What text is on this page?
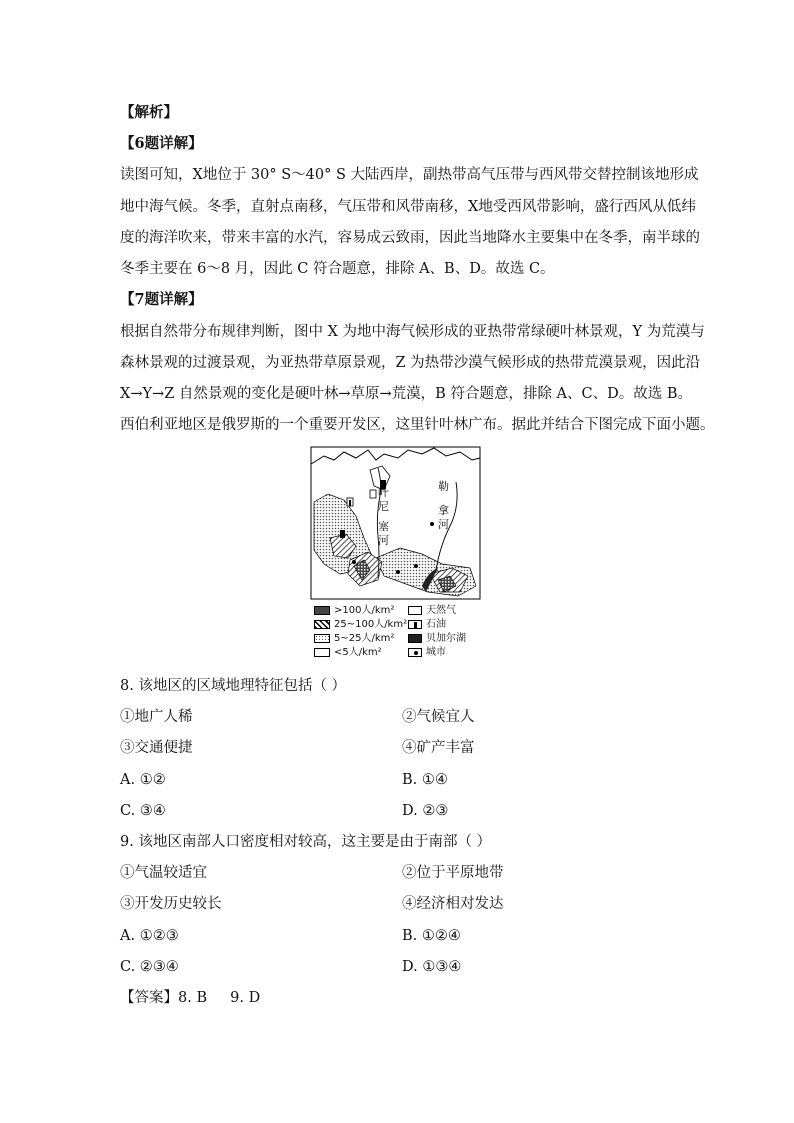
【解析】
【6题详解】
读图可知，X地位于 30° S～40° S 大陆西岸，副热带高气压带与西风带交替控制该地形成
地中海气候。冬季，直射点南移，气压带和风带南移，X地受西风带影响，盛行西风从低纬
度的海洋吹来，带来丰富的水汽，容易成云致雨，因此当地降水主要集中在冬季，南半球的
冬季主要在 6～8 月，因此 C 符合题意，排除 A、B、D。故选 C。
【7题详解】
根据自然带分布规律判断，图中 X 为地中海气候形成的亚热带常绿硬叶林景观，Y 为荒漠与
森林景观的过渡景观，为亚热带草原景观，Z 为热带沙漠气候形成的热带荒漠景观，因此沿
X→Y→Z 自然景观的变化是硬叶林→草原→荒漠，B 符合题意，排除 A、C、D。故选 B。
西伯利亚地区是俄罗斯的一个重要开发区，这里针叶林广布。据此并结合下图完成下面小题。
叶
尼
塞
河
勒
拿
河
>100人/km²
25~100人/km²
5~25人/km²
<5人/km²
天然气
石油
贝加尔湖
城市
8. 该地区的区域地理特征包括（ ）
①地广人稀	②气候宜人
③交通便捷	④矿产丰富
A. ①②	B. ①④
C. ③④	D. ②③
9. 该地区南部人口密度相对较高，这主要是由于南部（ ）
①气温较适宜	②位于平原地带
③开发历史较长	④经济相对发达
A. ①②③	B. ①②④
C. ②③④	D. ①③④
【答案】8. B     9. D
